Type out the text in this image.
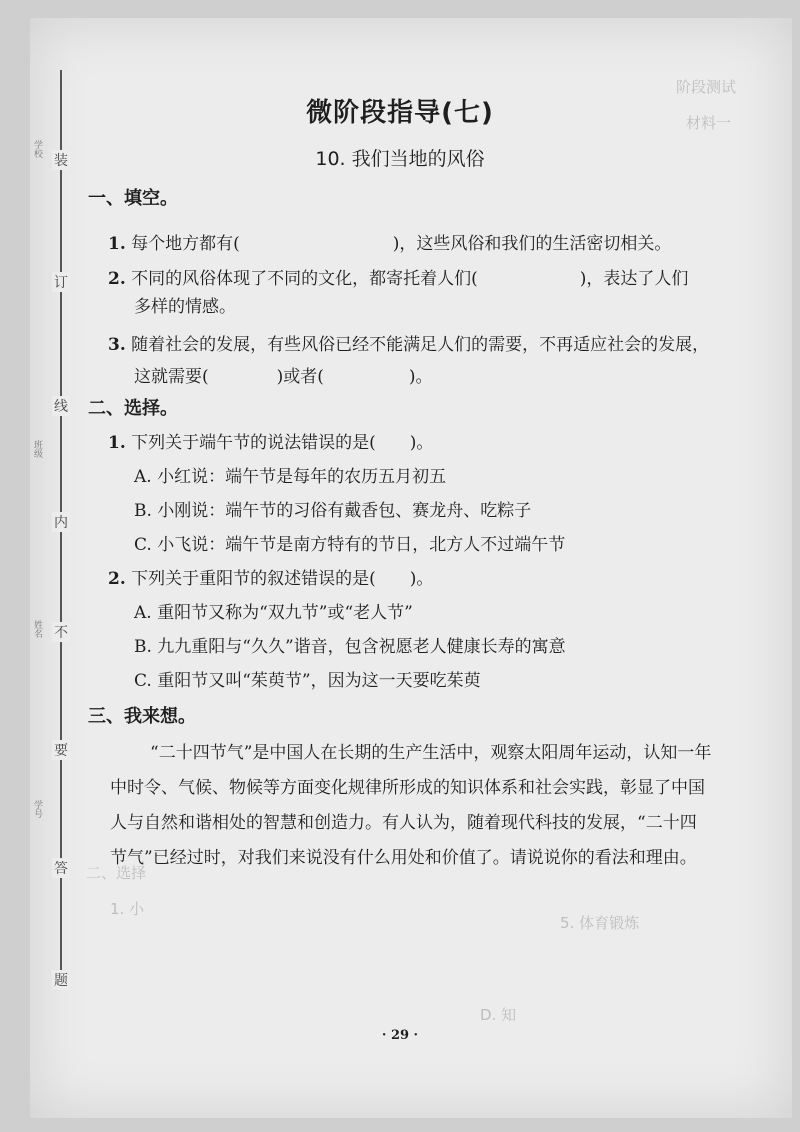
装
订
线
内
不
要
答
题
学校
班级
姓名
学号
阶段测试
材料一
二、选择
1. 小
5. 体育锻炼
D. 知
微阶段指导(七)
10. 我们当地的风俗
一、填空。
1. 每个地方都有(　　　　　　　　　)，这些风俗和我们的生活密切相关。
2. 不同的风俗体现了不同的文化，都寄托着人们(　　　　　　)，表达了人们
多样的情感。
3. 随着社会的发展，有些风俗已经不能满足人们的需要，不再适应社会的发展，
这就需要(　　　　)或者(　　　　　)。
二、选择。
1. 下列关于端午节的说法错误的是(　　)。
A. 小红说：端午节是每年的农历五月初五
B. 小刚说：端午节的习俗有戴香包、赛龙舟、吃粽子
C. 小飞说：端午节是南方特有的节日，北方人不过端午节
2. 下列关于重阳节的叙述错误的是(　　)。
A. 重阳节又称为“双九节”或“老人节”
B. 九九重阳与“久久”谐音，包含祝愿老人健康长寿的寓意
C. 重阳节又叫“茱萸节”，因为这一天要吃茱萸
三、我来想。
“二十四节气”是中国人在长期的生产生活中，观察太阳周年运动，认知一年
中时令、气候、物候等方面变化规律所形成的知识体系和社会实践，彰显了中国
人与自然和谐相处的智慧和创造力。有人认为，随着现代科技的发展，“二十四
节气”已经过时，对我们来说没有什么用处和价值了。请说说你的看法和理由。
· 29 ·
